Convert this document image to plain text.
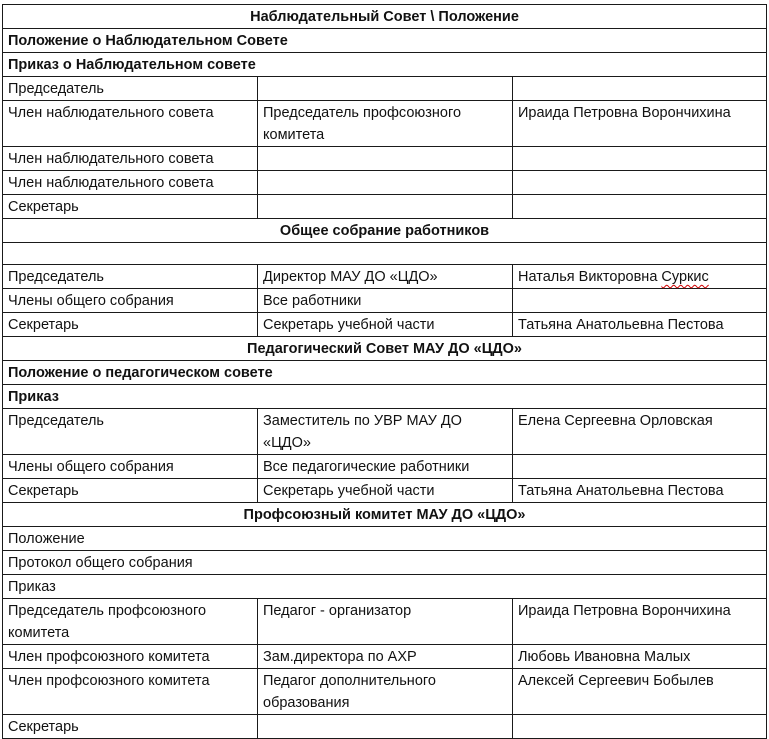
Наблюдательный Совет \ Положение		
Положение о Наблюдательном Совете		
Приказ о Наблюдательном совете		
Председатель		
Член наблюдательного совета	Председатель профсоюзного комитета	Ираида Петровна Ворончихина
Член наблюдательного совета		
Член наблюдательного совета		
Секретарь		
Общее собрание работников		

Председатель	Директор МАУ ДО «ЦДО»	Наталья Викторовна Суркис
Члены общего собрания	Все работники	
Секретарь	Секретарь учебной части	Татьяна Анатольевна Пестова
Педагогический Совет МАУ ДО «ЦДО»		
Положение о педагогическом совете		
Приказ		
Председатель	Заместитель по УВР МАУ ДО «ЦДО»	Елена Сергеевна Орловская
Члены общего собрания	Все педагогические работники	
Секретарь	Секретарь учебной части	Татьяна Анатольевна Пестова
Профсоюзный комитет МАУ ДО «ЦДО»		
Положение		
Протокол общего собрания		
Приказ		
Председатель профсоюзного комитета	Педагог - организатор	Ираида Петровна Ворончихина
Член профсоюзного комитета	Зам.директора по АХР	Любовь Ивановна Малых
Член профсоюзного комитета	Педагог дополнительного образования	Алексей Сергеевич Бобылев
Секретарь		
